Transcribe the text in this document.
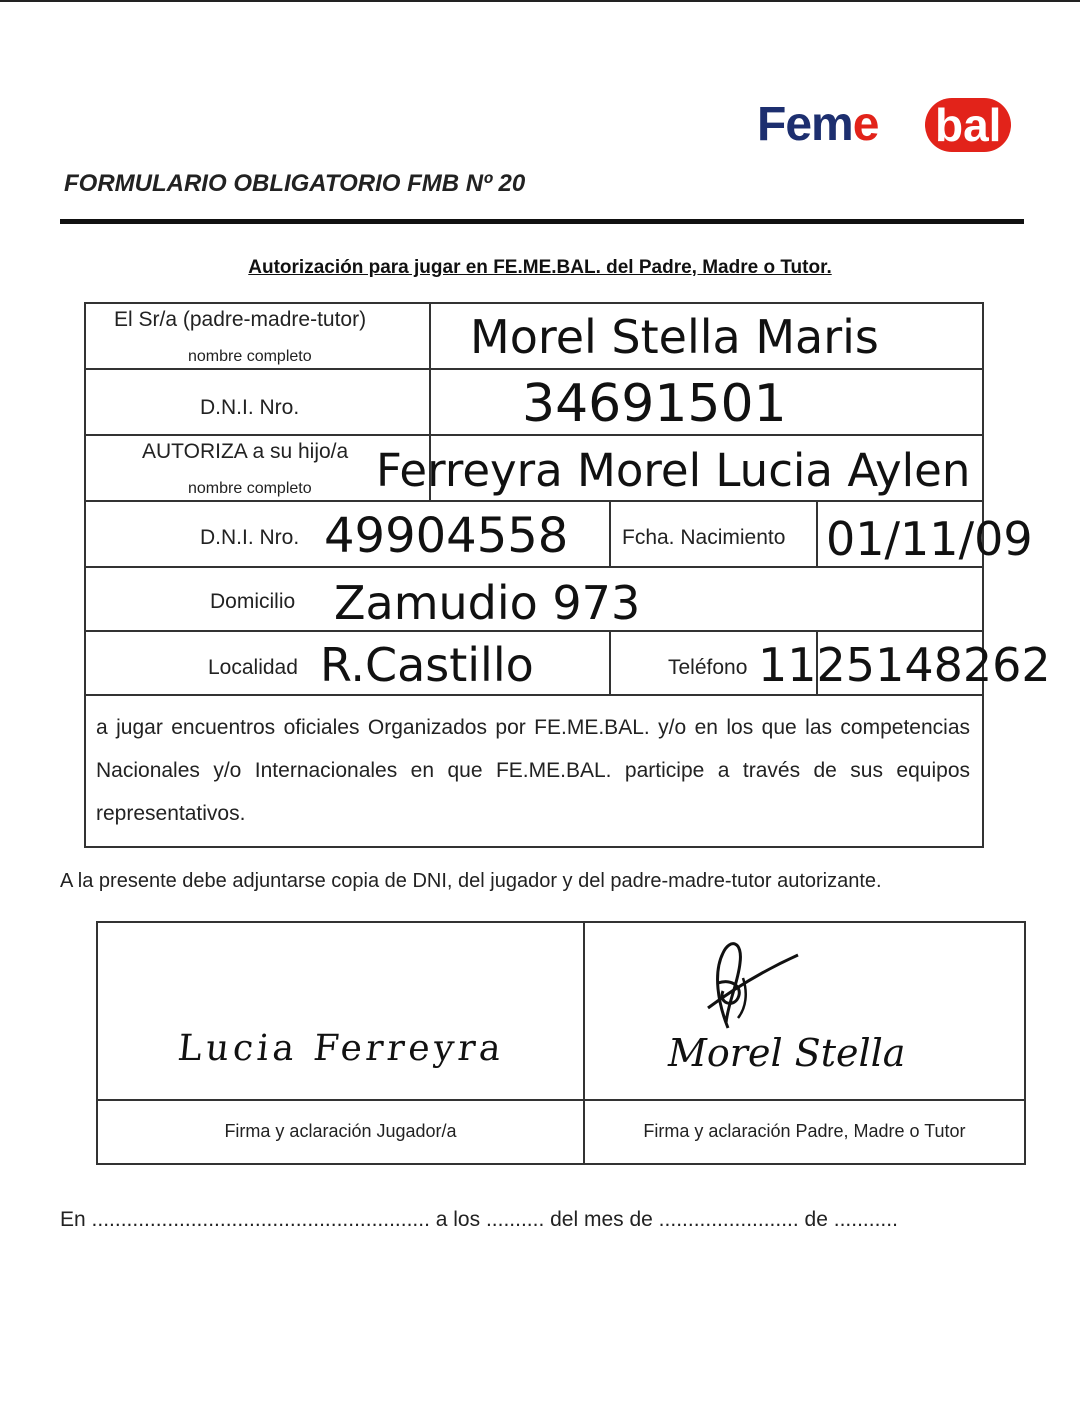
Feme bal
FORMULARIO OBLIGATORIO FMB Nº 20
Autorización para jugar en FE.ME.BAL. del Padre, Madre o Tutor.
El Sr/a (padre-madre-tutor)
nombre completo	Morel Stella Maris
D.N.I. Nro.	34691501
AUTORIZA a su hijo/a
nombre completo Ferreyra Morel Lucia Aylen
D.N.I. Nro. 49904558	Fcha. Nacimiento 01/11/09
Domicilio Zamudio 973
Localidad R.Castillo	Teléfono 1125148262
a jugar encuentros oficiales Organizados por FE.ME.BAL. y/o en los que las competencias Nacionales y/o Internacionales en que FE.ME.BAL. participe a través de sus equipos representativos.
A la presente debe adjuntarse copia de DNI, del jugador y del padre-madre-tutor autorizante.
Lucia Ferreyra	Morel Stella
Firma y aclaración Jugador/a	Firma y aclaración Padre, Madre o Tutor
En .......................................................... a los .......... del mes de ........................ de ...........
